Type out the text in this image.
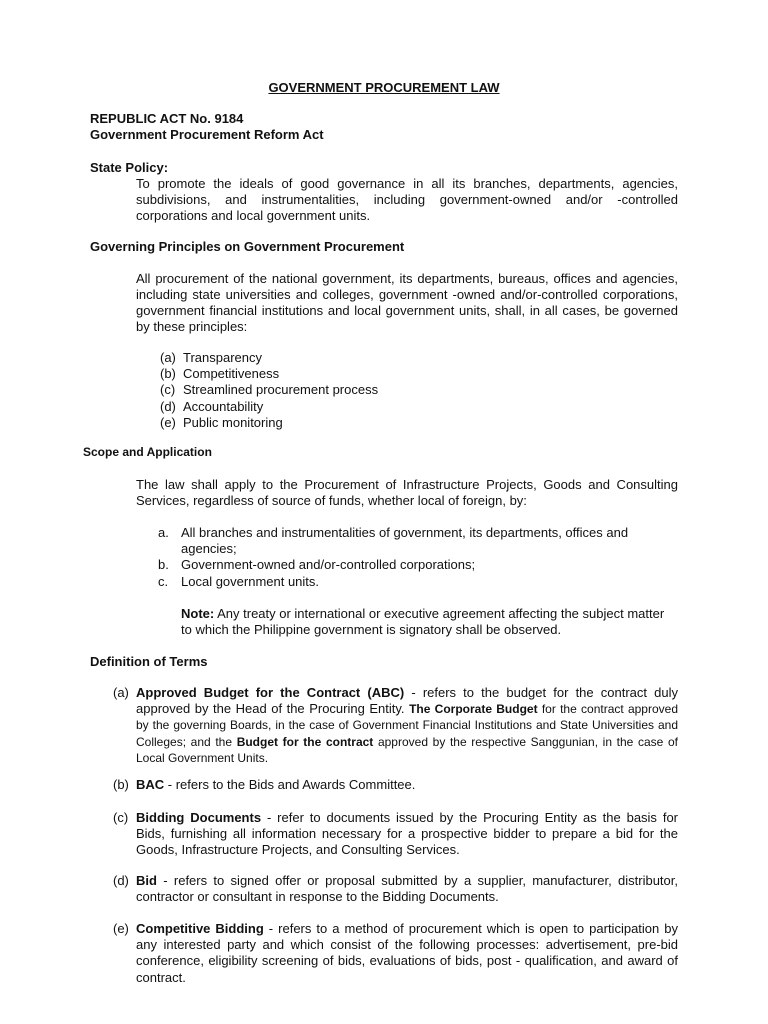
GOVERNMENT PROCUREMENT LAW

REPUBLIC ACT No. 9184

Government Procurement Reform Act

State Policy:

To promote the ideals of good governance in all its branches, departments, agencies, subdivisions, and instrumentalities, including government-owned and/or -controlled corporations and local government units.

Governing Principles on Government Procurement

All procurement of the national government, its departments, bureaus, offices and agencies, including state universities and colleges, government -owned and/or-controlled corporations, government financial institutions and local government units, shall, in all cases, be governed by these principles:

(a) Transparency
(b) Competitiveness
(c) Streamlined procurement process
(d) Accountability
(e) Public monitoring

Scope and Application

The law shall apply to the Procurement of Infrastructure Projects, Goods and Consulting Services, regardless of source of funds, whether local of foreign, by:

a. All branches and instrumentalities of government, its departments, offices and agencies;
b. Government-owned and/or-controlled corporations;
c. Local government units.

Note: Any treaty or international or executive agreement affecting the subject matter to which the Philippine government is signatory shall be observed.

Definition of Terms

(a) Approved Budget for the Contract (ABC) - refers to the budget for the contract duly approved by the Head of the Procuring Entity. The Corporate Budget for the contract approved by the governing Boards, in the case of Government Financial Institutions and State Universities and Colleges; and the Budget for the contract approved by the respective Sanggunian, in the case of Local Government Units.
(b) BAC - refers to the Bids and Awards Committee.
(c) Bidding Documents - refer to documents issued by the Procuring Entity as the basis for Bids, furnishing all information necessary for a prospective bidder to prepare a bid for the Goods, Infrastructure Projects, and Consulting Services.
(d) Bid - refers to signed offer or proposal submitted by a supplier, manufacturer, distributor, contractor or consultant in response to the Bidding Documents.
(e) Competitive Bidding - refers to a method of procurement which is open to participation by any interested party and which consist of the following processes: advertisement, pre-bid conference, eligibility screening of bids, evaluations of bids, post - qualification, and award of contract.
